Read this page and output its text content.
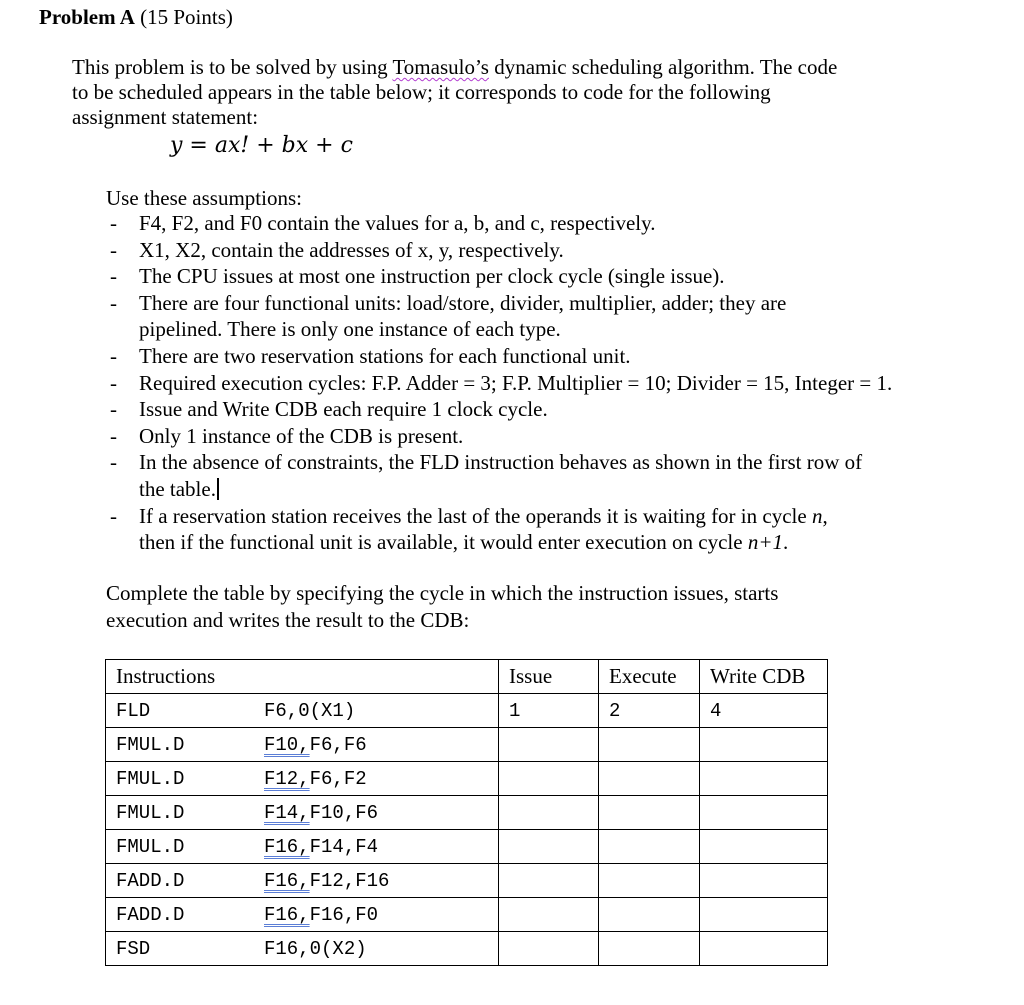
Problem A (15 Points)
This problem is to be solved by using Tomasulo’s dynamic scheduling algorithm. The code
to be scheduled appears in the table below; it corresponds to code for the following
assignment statement:
y = ax! + bx + c
Use these assumptions:
- F4, F2, and F0 contain the values for a, b, and c, respectively.
- X1, X2, contain the addresses of x, y, respectively.
- The CPU issues at most one instruction per clock cycle (single issue).
- There are four functional units: load/store, divider, multiplier, adder; they are
pipelined. There is only one instance of each type.
- There are two reservation stations for each functional unit.
- Required execution cycles: F.P. Adder = 3; F.P. Multiplier = 10; Divider = 15, Integer = 1.
- Issue and Write CDB each require 1 clock cycle.
- Only 1 instance of the CDB is present.
- In the absence of constraints, the FLD instruction behaves as shown in the first row of
the table.
- If a reservation station receives the last of the operands it is waiting for in cycle n,
then if the functional unit is available, it would enter execution on cycle n+1.
Complete the table by specifying the cycle in which the instruction issues, starts
execution and writes the result to the CDB:
Instructions	Issue	Execute	Write CDB
FLD F6,0(X1)	1	2	4
FMUL.D F10,F6,F6			
FMUL.D F12,F6,F2			
FMUL.D F14,F10,F6			
FMUL.D F16,F14,F4			
FADD.D F16,F12,F16			
FADD.D F16,F16,F0			
FSD F16,0(X2)			
